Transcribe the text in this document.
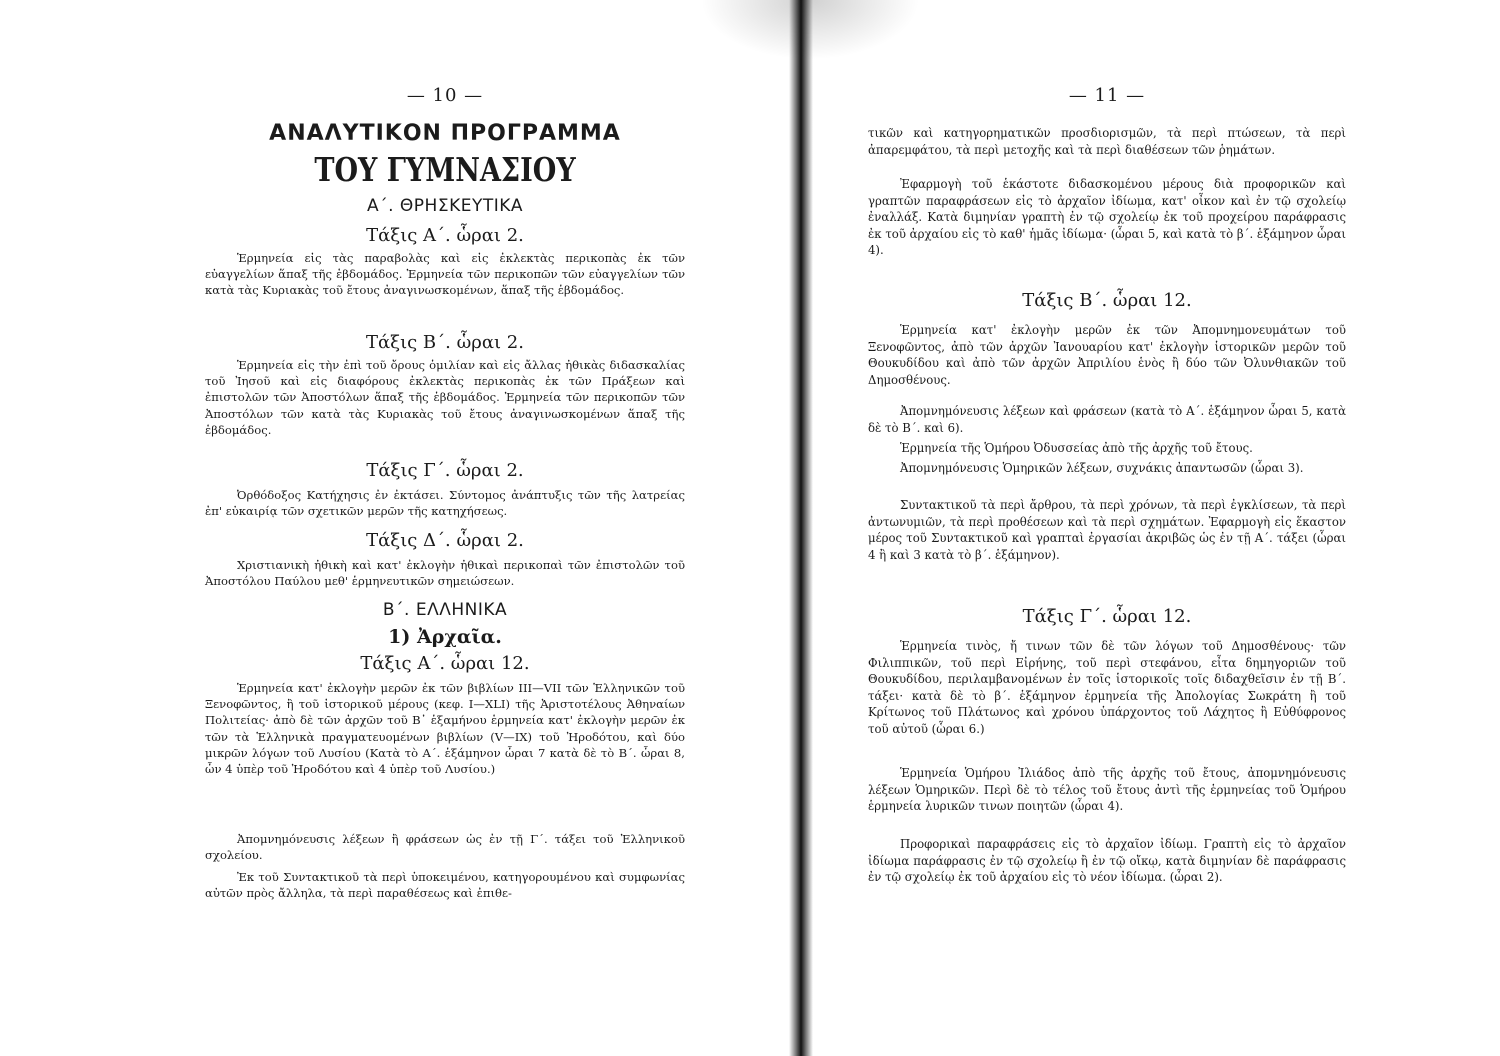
— 10 —
ΑΝΑΛΥΤΙΚΟΝ ΠΡΟΓΡΑΜΜΑ
ΤΟΥ ΓΥΜΝΑΣΙΟΥ
Α΄. ΘΡΗΣΚΕΥΤΙΚΑ
Τάξις Α΄. ὧραι 2.

Ἑρμηνεία εἰς τὰς παραβολὰς καὶ εἰς ἐκλεκτὰς περικοπὰς ἐκ τῶν εὐαγγελίων ἅπαξ τῆς ἑβδομάδος. Ἑρμηνεία τῶν περικοπῶν τῶν εὐαγγελίων τῶν κατὰ τὰς Κυριακὰς τοῦ ἔτους ἀναγινωσκομένων, ἅπαξ τῆς ἑβδομάδος.

Τάξις Β΄. ὧραι 2.

Ἑρμηνεία εἰς τὴν ἐπὶ τοῦ ὄρους ὁμιλίαν καὶ εἰς ἄλλας ἠθικὰς διδασκαλίας τοῦ Ἰησοῦ καὶ εἰς διαφόρους ἐκλεκτὰς περικοπὰς ἐκ τῶν Πράξεων καὶ ἐπιστολῶν τῶν Ἀποστόλων ἅπαξ τῆς ἑβδομάδος. Ἑρμηνεία τῶν περικοπῶν τῶν Ἀποστόλων τῶν κατὰ τὰς Κυριακὰς τοῦ ἔτους ἀναγινωσκομένων ἅπαξ τῆς ἑβδομάδος.

Τάξις Γ΄. ὧραι 2.

Ὀρθόδοξος Κατήχησις ἐν ἐκτάσει. Σύντομος ἀνάπτυξις τῶν τῆς λατρείας ἐπ' εὐκαιρίᾳ τῶν σχετικῶν μερῶν τῆς κατηχήσεως.

Τάξις Δ΄. ὧραι 2.

Χριστιανικὴ ἠθικὴ καὶ κατ' ἐκλογὴν ἠθικαὶ περικοπαὶ τῶν ἐπιστολῶν τοῦ Ἀποστόλου Παύλου μεθ' ἑρμηνευτικῶν σημειώσεων.

Β΄. ΕΛΛΗΝΙΚΑ
1) Ἀρχαῖα.
Τάξις Α΄. ὧραι 12.

Ἑρμηνεία κατ' ἐκλογὴν μερῶν ἐκ τῶν βιβλίων III—VII τῶν Ἑλληνικῶν τοῦ Ξενοφῶντος, ἢ τοῦ ἱστορικοῦ μέρους (κεφ. I—XLI) τῆς Ἀριστοτέλους Ἀθηναίων Πολιτείας· ἀπὸ δὲ τῶν ἀρχῶν τοῦ Β᾽ ἑξαμήνου ἑρμηνεία κατ' ἐκλογὴν μερῶν ἐκ τῶν τὰ Ἑλληνικὰ πραγματευομένων βιβλίων (V—IX) τοῦ Ἡροδότου, καὶ δύο μικρῶν λόγων τοῦ Λυσίου (Κατὰ τὸ Α΄. ἑξάμηνον ὧραι 7 κατὰ δὲ τὸ Β΄. ὧραι 8, ὧν 4 ὑπὲρ τοῦ Ἡροδότου καὶ 4 ὑπὲρ τοῦ Λυσίου.)

Ἀπομνημόνευσις λέξεων ἢ φράσεων ὡς ἐν τῇ Γ΄. τάξει τοῦ Ἑλληνικοῦ σχολείου.

Ἐκ τοῦ Συντακτικοῦ τὰ περὶ ὑποκειμένου, κατηγορουμένου καὶ συμφωνίας αὐτῶν πρὸς ἄλληλα, τὰ περὶ παραθέσεως καὶ ἐπιθε-

— 11 —

τικῶν καὶ κατηγορηματικῶν προσδιορισμῶν, τὰ περὶ πτώσεων, τὰ περὶ ἀπαρεμφάτου, τὰ περὶ μετοχῆς καὶ τὰ περὶ διαθέσεων τῶν ῥημάτων.

Ἐφαρμογὴ τοῦ ἑκάστοτε διδασκομένου μέρους διὰ προφορικῶν καὶ γραπτῶν παραφράσεων εἰς τὸ ἀρχαῖον ἰδίωμα, κατ' οἶκον καὶ ἐν τῷ σχολείῳ ἐναλλάξ. Κατὰ διμηνίαν γραπτὴ ἐν τῷ σχολείῳ ἐκ τοῦ προχείρου παράφρασις ἐκ τοῦ ἀρχαίου εἰς τὸ καθ' ἡμᾶς ἰδίωμα· (ὧραι 5, καὶ κατὰ τὸ β΄. ἑξάμηνον ὧραι 4).

Τάξις Β΄. ὧραι 12.

Ἑρμηνεία κατ' ἐκλογὴν μερῶν ἐκ τῶν Ἀπομνημονευμάτων τοῦ Ξενοφῶντος, ἀπὸ τῶν ἀρχῶν Ἰανουαρίου κατ' ἐκλογὴν ἱστορικῶν μερῶν τοῦ Θουκυδίδου καὶ ἀπὸ τῶν ἀρχῶν Ἀπριλίου ἑνὸς ἢ δύο τῶν Ὀλυνθιακῶν τοῦ Δημοσθένους.

Ἀπομνημόνευσις λέξεων καὶ φράσεων (κατὰ τὸ Α΄. ἑξάμηνον ὧραι 5, κατὰ δὲ τὸ Β΄. καὶ 6).

Ἑρμηνεία τῆς Ὁμήρου Ὀδυσσείας ἀπὸ τῆς ἀρχῆς τοῦ ἔτους.

Ἀπομνημόνευσις Ὁμηρικῶν λέξεων, συχνάκις ἀπαντωσῶν (ὧραι 3).

Συντακτικοῦ τὰ περὶ ἄρθρου, τὰ περὶ χρόνων, τὰ περὶ ἐγκλίσεων, τὰ περὶ ἀντωνυμιῶν, τὰ περὶ προθέσεων καὶ τὰ περὶ σχημάτων. Ἐφαρμογὴ εἰς ἕκαστον μέρος τοῦ Συντακτικοῦ καὶ γραπταὶ ἐργασίαι ἀκριβῶς ὡς ἐν τῇ Α΄. τάξει (ὧραι 4 ἢ καὶ 3 κατὰ τὸ β΄. ἑξάμηνον).

Τάξις Γ΄. ὧραι 12.

Ἑρμηνεία τινὸς, ἤ τινων τῶν δὲ τῶν λόγων τοῦ Δημοσθένους· τῶν Φιλιππικῶν, τοῦ περὶ Εἰρήνης, τοῦ περὶ στεφάνου, εἶτα δημηγοριῶν τοῦ Θουκυδίδου, περιλαμβανομένων ἐν τοῖς ἱστορικοῖς τοῖς διδαχθεῖσιν ἐν τῇ Β΄. τάξει· κατὰ δὲ τὸ β΄. ἑξάμηνον ἑρμηνεία τῆς Ἀπολογίας Σωκράτη ἢ τοῦ Κρίτωνος τοῦ Πλάτωνος καὶ χρόνου ὑπάρχοντος τοῦ Λάχητος ἢ Εὐθύφρονος τοῦ αὐτοῦ (ὧραι 6.)

Ἑρμηνεία Ὁμήρου Ἰλιάδος ἀπὸ τῆς ἀρχῆς τοῦ ἔτους, ἀπομνημόνευσις λέξεων Ὁμηρικῶν. Περὶ δὲ τὸ τέλος τοῦ ἔτους ἀντὶ τῆς ἑρμηνείας τοῦ Ὁμήρου ἑρμηνεία λυρικῶν τινων ποιητῶν (ὧραι 4).

Προφορικαὶ παραφράσεις εἰς τὸ ἀρχαῖον ἰδίωμ. Γραπτὴ εἰς τὸ ἀρχαῖον ἰδίωμα παράφρασις ἐν τῷ σχολείῳ ἢ ἐν τῷ οἴκῳ, κατὰ διμηνίαν δὲ παράφρασις ἐν τῷ σχολείῳ ἐκ τοῦ ἀρχαίου εἰς τὸ νέον ἰδίωμα. (ὧραι 2).
